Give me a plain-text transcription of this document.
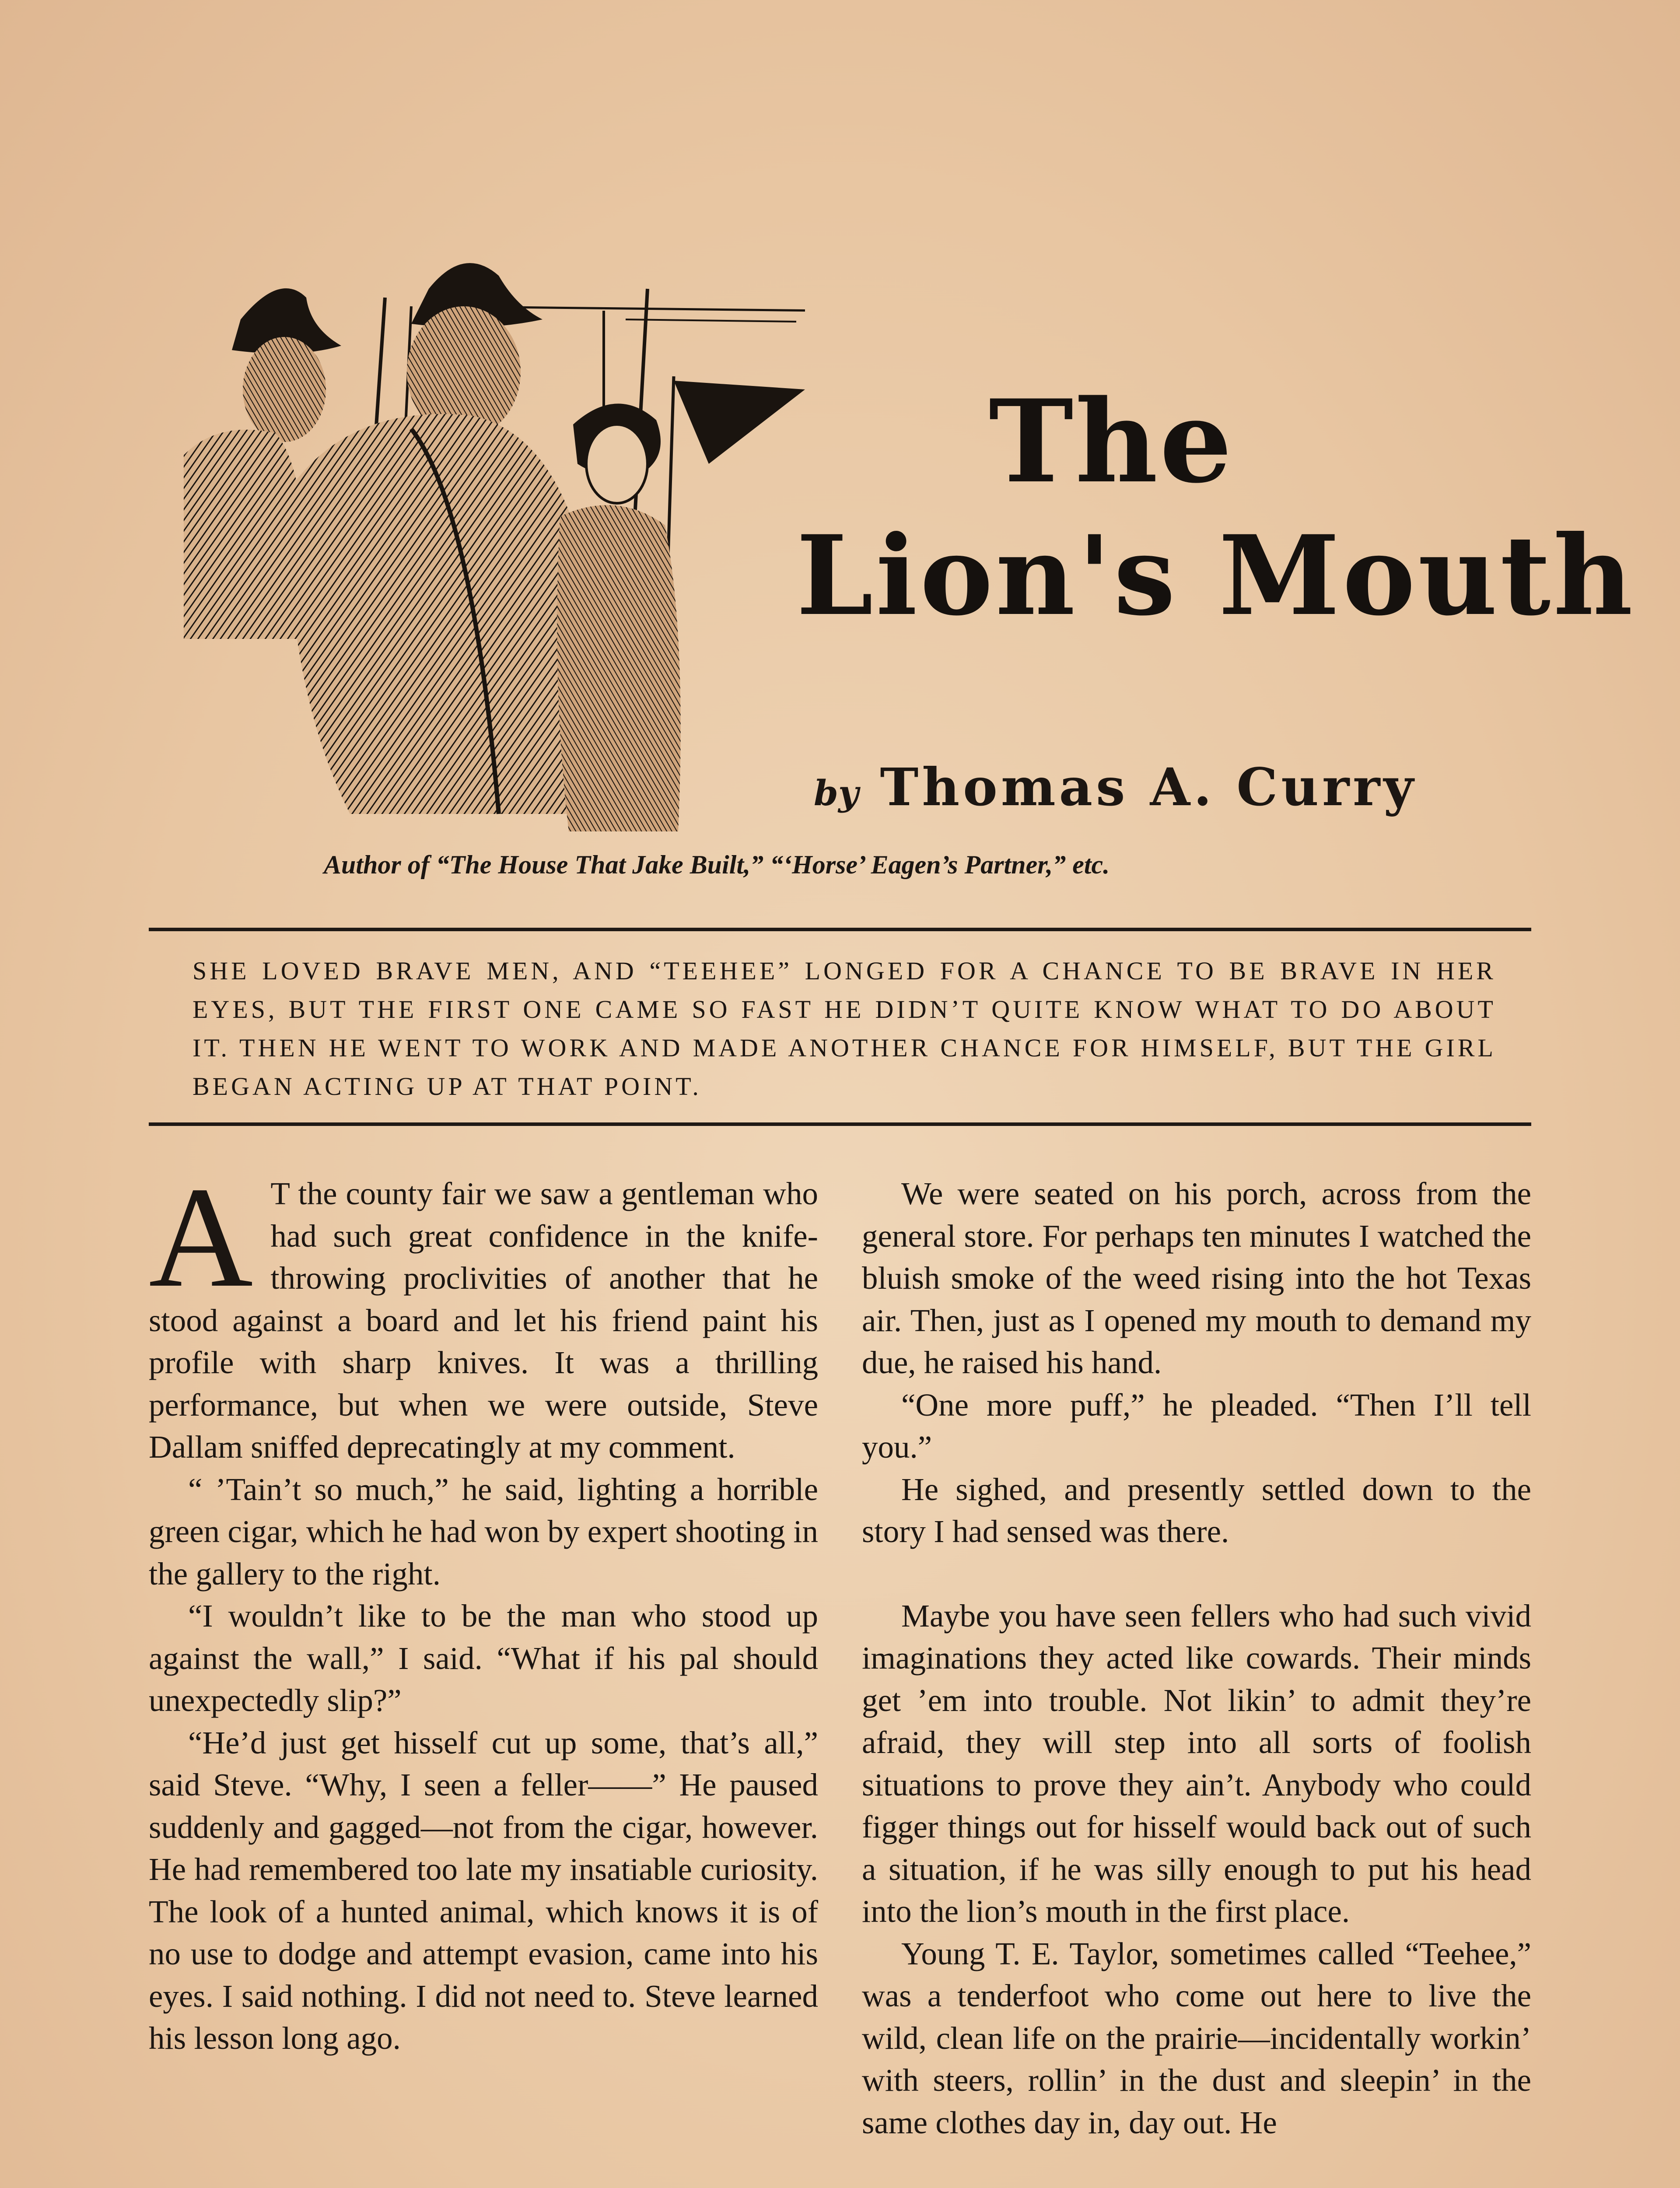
The
Lion's Mouth
by Thomas A. Curry
Author of “The House That Jake Built,” “‘Horse’ Eagen’s Partner,” etc.
SHE LOVED BRAVE MEN, AND “TEEHEE” LONGED FOR A CHANCE TO BE BRAVE IN HER EYES, BUT THE FIRST ONE CAME SO FAST HE DIDN’T QUITE KNOW WHAT TO DO ABOUT IT. THEN HE WENT TO WORK AND MADE ANOTHER CHANCE FOR HIMSELF, BUT THE GIRL BEGAN ACTING UP AT THAT POINT.

A T the county fair we saw a gentleman who had such great confidence in the knife-throwing proclivities of another that he stood against a board and let his friend paint his profile with sharp knives. It was a thrilling performance, but when we were outside, Steve Dallam sniffed deprecatingly at my comment.

“ ’Tain’t so much,” he said, lighting a horrible green cigar, which he had won by expert shooting in the gallery to the right.

“I wouldn’t like to be the man who stood up against the wall,” I said. “What if his pal should unexpectedly slip?”

“He’d just get hisself cut up some, that’s all,” said Steve. “Why, I seen a feller——” He paused suddenly and gagged—not from the cigar, however. He had remembered too late my insatiable curiosity. The look of a hunted animal, which knows it is of no use to dodge and attempt evasion, came into his eyes. I said nothing. I did not need to. Steve learned his lesson long ago.

We were seated on his porch, across from the general store. For perhaps ten minutes I watched the bluish smoke of the weed rising into the hot Texas air. Then, just as I opened my mouth to demand my due, he raised his hand.

“One more puff,” he pleaded. “Then I’ll tell you.”

He sighed, and presently settled down to the story I had sensed was there.

Maybe you have seen fellers who had such vivid imaginations they acted like cowards. Their minds get ’em into trouble. Not likin’ to admit they’re afraid, they will step into all sorts of foolish situations to prove they ain’t. Anybody who could figger things out for hisself would back out of such a situation, if he was silly enough to put his head into the lion’s mouth in the first place.

Young T. E. Taylor, sometimes called “Teehee,” was a tenderfoot who come out here to live the wild, clean life on the prairie—incidentally workin’ with steers, rollin’ in the dust and sleepin’ in the same clothes day in, day out. He
